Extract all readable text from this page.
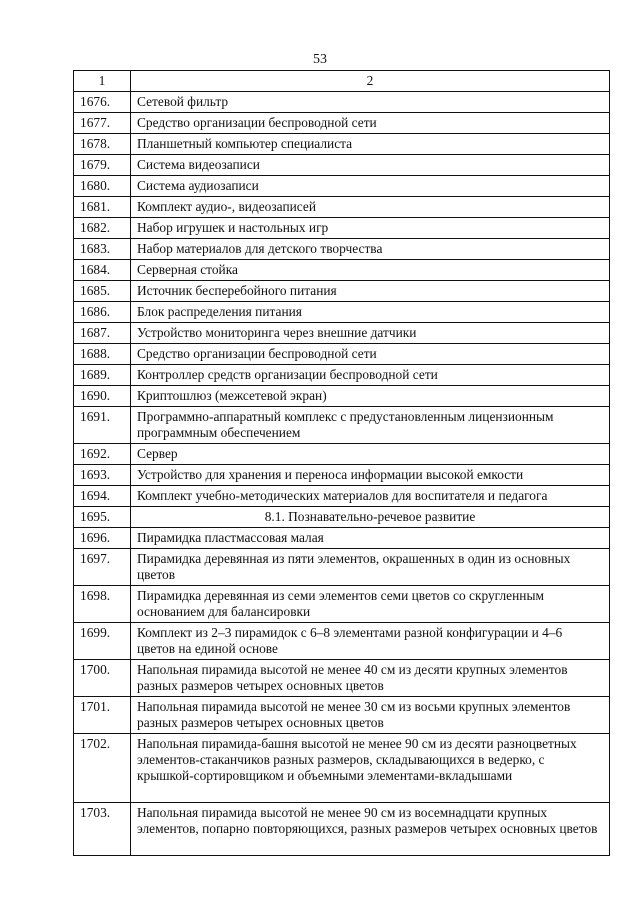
53
1	2
1676.	Сетевой фильтр
1677.	Средство организации беспроводной сети
1678.	Планшетный компьютер специалиста
1679.	Система видеозаписи
1680.	Система аудиозаписи
1681.	Комплект аудио-, видеозаписей
1682.	Набор игрушек и настольных игр
1683.	Набор материалов для детского творчества
1684.	Серверная стойка
1685.	Источник бесперебойного питания
1686.	Блок распределения питания
1687.	Устройство мониторинга через внешние датчики
1688.	Средство организации беспроводной сети
1689.	Контроллер средств организации беспроводной сети
1690.	Криптошлюз (межсетевой экран)
1691.	Программно-аппаратный комплекс с предустановленным лицензионным программным обеспечением
1692.	Сервер
1693.	Устройство для хранения и переноса информации высокой емкости
1694.	Комплект учебно-методических материалов для воспитателя и педагога
1695.	8.1. Познавательно-речевое развитие
1696.	Пирамидка пластмассовая малая
1697.	Пирамидка деревянная из пяти элементов, окрашенных в один из основных цветов
1698.	Пирамидка деревянная из семи элементов семи цветов со скругленным основанием для балансировки
1699.	Комплект из 2–3 пирамидок с 6–8 элементами разной конфигурации и 4–6 цветов на единой основе
1700.	Напольная пирамида высотой не менее 40 см из десяти крупных элементов разных размеров четырех основных цветов
1701.	Напольная пирамида высотой не менее 30 см из восьми крупных элементов разных размеров четырех основных цветов
1702.	Напольная пирамида-башня высотой не менее 90 см из десяти разноцветных элементов-стаканчиков разных размеров, складывающихся в ведерко, с крышкой-сортировщиком и объемными элементами-вкладышами
1703.	Напольная пирамида высотой не менее 90 см из восемнадцати крупных элементов, попарно повторяющихся, разных размеров четырех основных цветов
